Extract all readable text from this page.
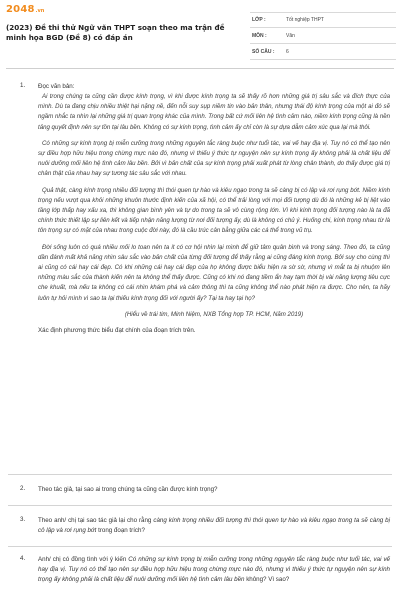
2048 .vn
(2023) Đề thi thử Ngữ văn THPT soạn theo ma trận đề minh họa BGD (Đề 8) có đáp án
LỚP :	Tốt nghiệp THPT
MÔN :	Văn
SỐ CÂU :	6
1. Đọc văn bản:

Ai trong chúng ta cũng cần được kính trọng, vì khi được kính trọng ta sẽ thấy rõ hơn những giá trị sâu sắc và đích thực của mình. Dù ta đang chịu nhiều thiệt hại nặng nề, đến nỗi suy sụp niềm tin vào bản thân, nhưng thái độ kính trọng của một ai đó sẽ ngầm nhắc ta nhìn lại những giá trị quan trọng khác của mình. Trong bất cứ mối liên hệ tình cảm nào, niềm kính trọng cũng là nền tảng quyết định nên sự tồn tại lâu bền. Không có sự kính trọng, tình cảm ấy chỉ còn là sự dựa dẫm cảm xúc qua lại mà thôi.

Có những sự kính trọng bị miễn cưỡng trong những nguyên tắc ràng buộc như tuổi tác, vai vế hay địa vị. Tuy nó có thể tạo nên sự điều hợp hữu hiệu trong chừng mực nào đó, nhưng vì thiếu ý thức tự nguyện nên sự kính trọng ấy không phải là chất liệu để nuôi dưỡng mối liên hệ tình cảm lâu bền. Bởi vì bản chất của sự kính trọng phải xuất phát từ lòng chân thành, do thấy được giá trị chân thật của nhau hay sự tương tác sâu sắc với nhau.

Quả thật, càng kính trọng nhiều đối tượng thì thói quen tự hào và kiêu ngạo trong ta sẽ càng bị có lập và rơi rụng bớt. Niềm kính trọng nếu vượt qua khỏi những khuôn thước định kiến của xã hội, có thể trải lòng với mọi đối tượng dù đó là những kẻ bị liệt vào tầng lớp thấp hay xấu xa, thì không gian bình yên và tự do trong ta sẽ vô cùng rộng lớn. Vì khi kính trọng đối tượng nào là ta đã chính thức thiết lập sự liên kết và tiếp nhận năng lượng từ nơi đối tượng ấy, dù là không có chủ ý. Huống chi, kính trọng nhau từ là tôn trọng sự có mặt của nhau trong cuộc đời này, đó là cầu trúc cân bằng giữa các cá thể trong vũ trụ.

Đời sống luôn có quá nhiều mối lo toan nên ta ít có cơ hội nhìn lại mình để giữ tâm quân bình và trong sáng. Theo đó, ta cũng dần đánh mất khả năng nhìn sâu sắc vào bản chất của từng đối tượng để thấy rằng ai cũng đáng kính trọng. Bởi suy cho cùng thì ai cũng có cái hay cái đẹp. Có khi những cái hay cái đẹp của họ không được biểu hiện ra sờ sờ, nhưng vì mắt ta bị nhuộm lên những màu sắc của thành kiến nên ta không thể thấy được. Cũng có khi nó đang tiềm ẩn hay tạm thời bị vài năng lượng tiêu cực che khuất, mà nếu ta không có cái nhìn khám phá và cảm thông thì ta cũng không thể nào phát hiện ra được. Cho nên, ta hãy luôn tự hỏi mình vì sao ta lại thiếu kính trọng đối với người ấy? Tại ta hay tại họ?

(Hiểu về trái tim, Minh Niệm, NXB Tổng hợp TP. HCM, Năm 2019)

Xác định phương thức biểu đạt chính của đoạn trích trên.
2. Theo tác giả, tại sao ai trong chúng ta cũng cần được kính trọng?
3. Theo anh/ chị tại sao tác giả lại cho rằng càng kính trọng nhiều đối tượng thì thói quen tự hào và kiêu ngạo trong ta sẽ càng bị cô lập và rơi rụng bớt trong đoạn trích?
4. Anh/ chị có đồng tình với ý kiến Có những sự kính trọng bị miễn cưỡng trong những nguyên tắc ràng buộc như tuổi tác, vai vế hay địa vị. Tuy nó có thể tạo nên sự điều hợp hữu hiệu trong chừng mực nào đó, nhưng vì thiếu ý thức tự nguyện nên sự kính trọng ấy không phải là chất liệu để nuôi dưỡng mối liên hệ tình cảm lâu bền không? Vì sao?
